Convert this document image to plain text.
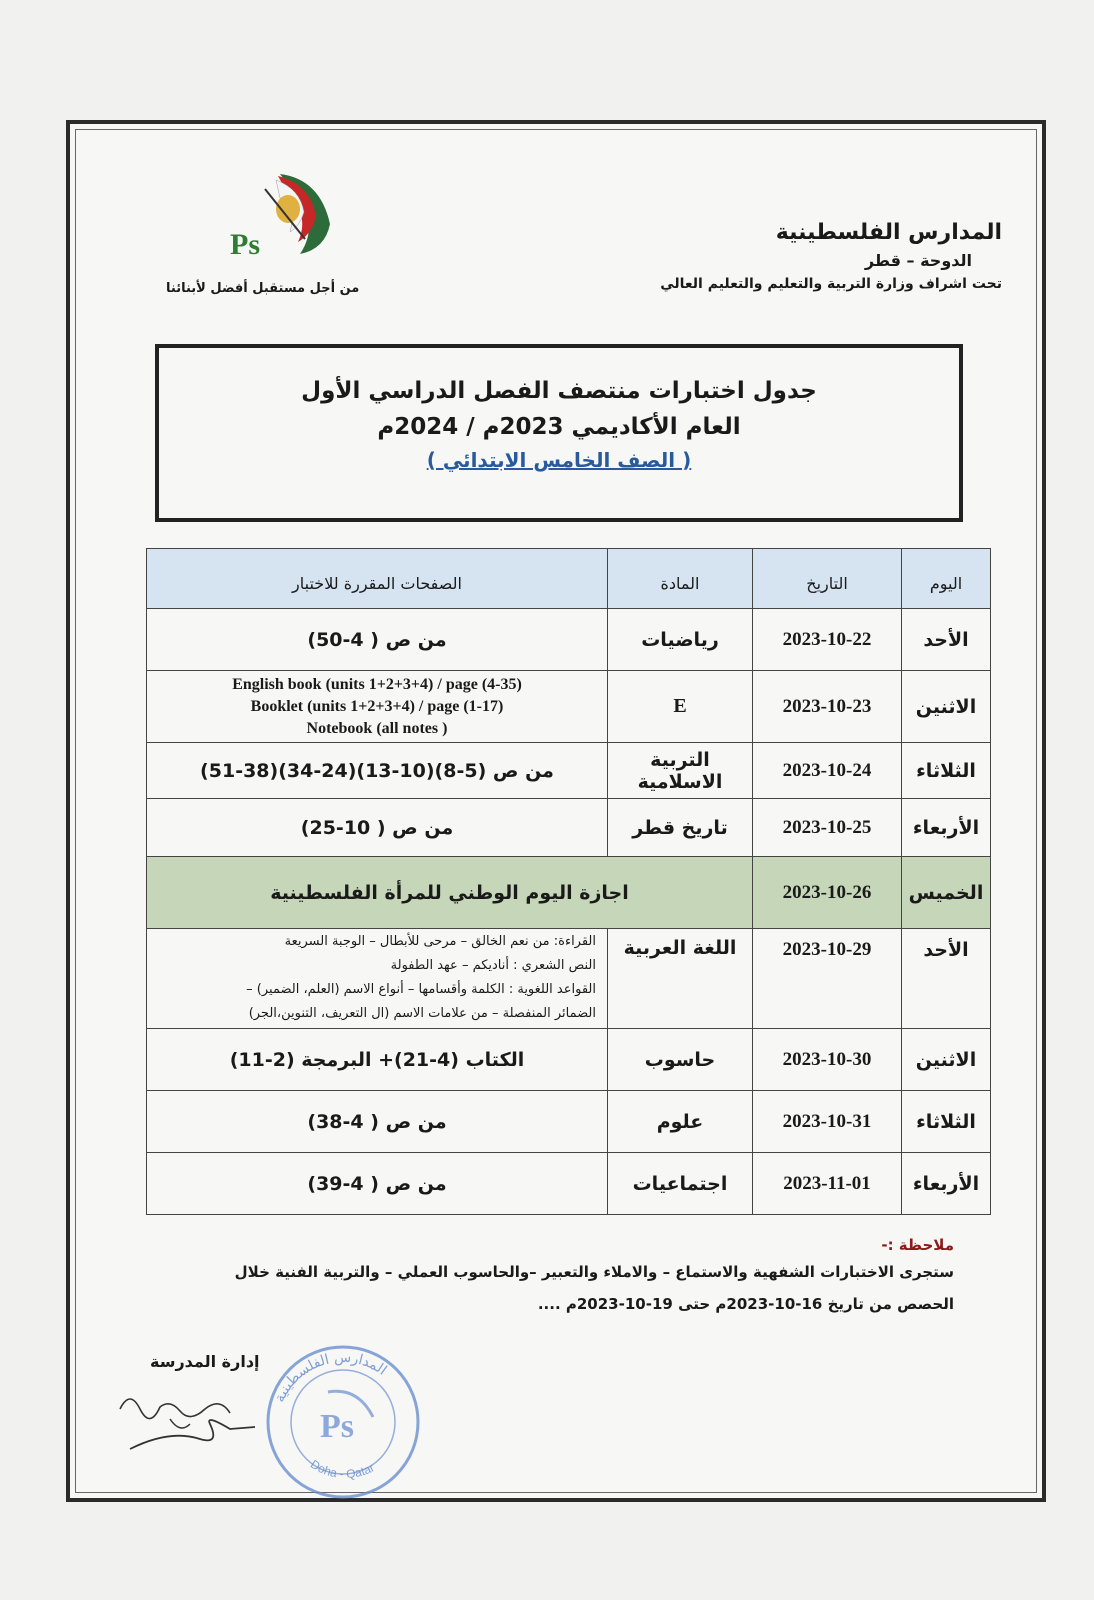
المدارس الفلسطينية
الدوحة – قطر
تحت اشراف وزارة التربية والتعليم والتعليم العالي
Ps
من أجل مستقبل أفضل لأبنائنا
جدول اختبارات منتصف الفصل الدراسي الأول
العام الأكاديمي 2023م / 2024م
( الصف الخامس الابتدائي )
اليوم	التاريخ	المادة	الصفحات المقررة للاختبار
الأحد	2023-10-22	رياضيات	من ص ( 4-50)
الاثنين	2023-10-23	E	English book (units 1+2+3+4) / page (4-35)
Booklet (units 1+2+3+4) / page (1-17)
Notebook (all notes )

الثلاثاء	2023-10-24	التربية الاسلامية	من ص (5-8)(10-13)(24-34)(38-51)
الأربعاء	2023-10-25	تاريخ قطر	من ص ( 10-25)
الخميس	2023-10-26	اجازة اليوم الوطني للمرأة الفلسطينية	
الأحد	2023-10-29	اللغة العربية	القراءة: من نعم الخالق – مرحى للأبطال – الوجبة السريعة
النص الشعري : أناديكم – عهد الطفولة
القواعد اللغوية : الكلمة وأقسامها – أنواع الاسم (العلم، الضمير) –
الضمائر المنفصلة – من علامات الاسم (ال التعريف، التنوين،الجر)

الاثنين	2023-10-30	حاسوب	الكتاب (4-21)+ البرمجة (2-11)
الثلاثاء	2023-10-31	علوم	من ص ( 4-38)
الأربعاء	2023-11-01	اجتماعيات	من ص ( 4-39)
ملاحظة :-
ستجرى الاختبارات الشفهية والاستماع – والاملاء والتعبير –والحاسوب العملي – والتربية الفنية خلال
الحصص من تاريخ 16-10-2023م حتى 19-10-2023م ....
إدارة المدرسة
المدارس الفلسطينية
Doha - Qatar
Ps
